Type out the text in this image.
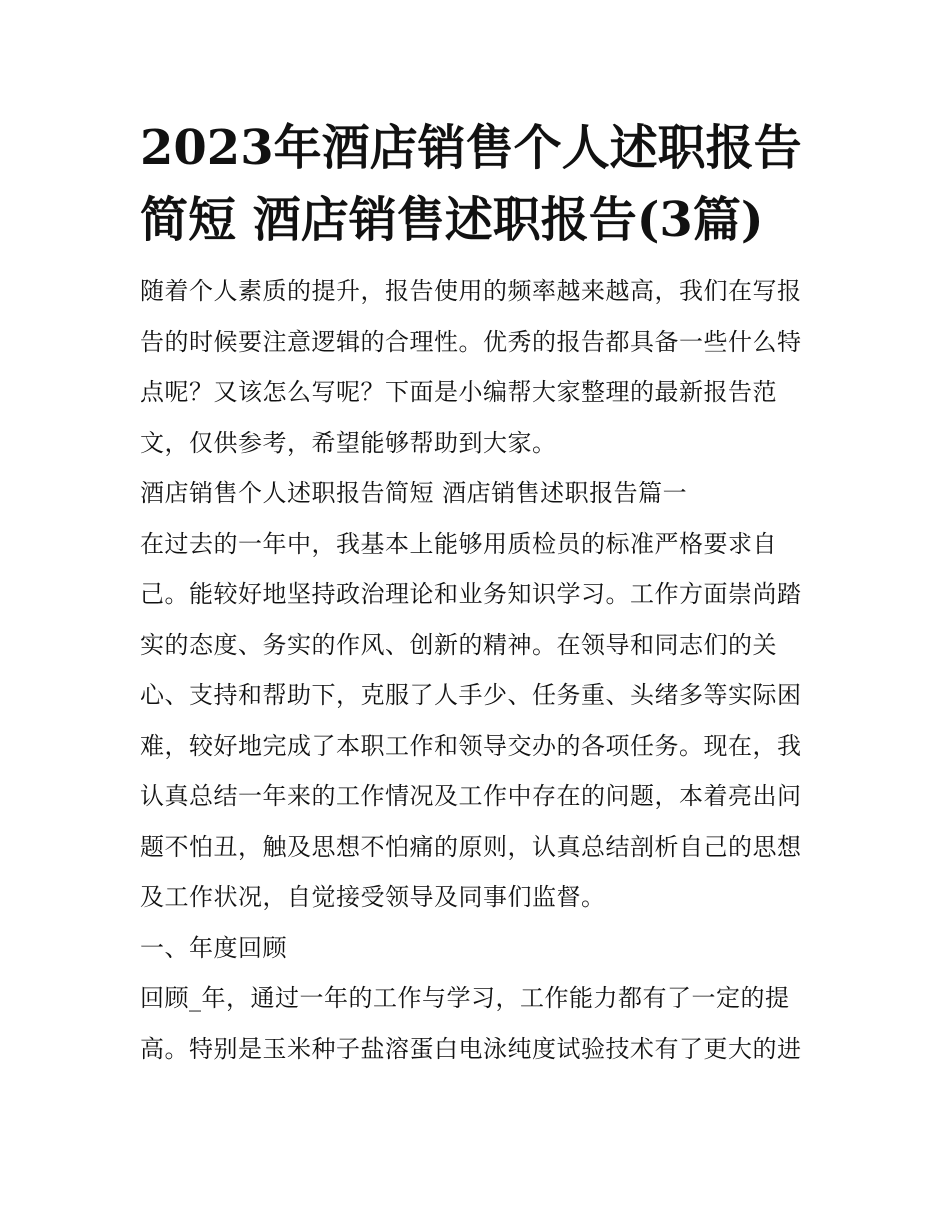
2023年酒店销售个人述职报告
简短 酒店销售述职报告(3篇)

随着个人素质的提升，报告使用的频率越来越高，我们在写报
告的时候要注意逻辑的合理性。优秀的报告都具备一些什么特
点呢？又该怎么写呢？下面是小编帮大家整理的最新报告范
文，仅供参考，希望能够帮助到大家。

酒店销售个人述职报告简短 酒店销售述职报告篇一

在过去的一年中，我基本上能够用质检员的标准严格要求自
己。能较好地坚持政治理论和业务知识学习。工作方面崇尚踏
实的态度、务实的作风、创新的精神。在领导和同志们的关
心、支持和帮助下，克服了人手少、任务重、头绪多等实际困
难，较好地完成了本职工作和领导交办的各项任务。现在，我
认真总结一年来的工作情况及工作中存在的问题，本着亮出问
题不怕丑，触及思想不怕痛的原则，认真总结剖析自己的思想
及工作状况，自觉接受领导及同事们监督。

一、年度回顾

回顾_年，通过一年的工作与学习，工作能力都有了一定的提
高。特别是玉米种子盐溶蛋白电泳纯度试验技术有了更大的进
